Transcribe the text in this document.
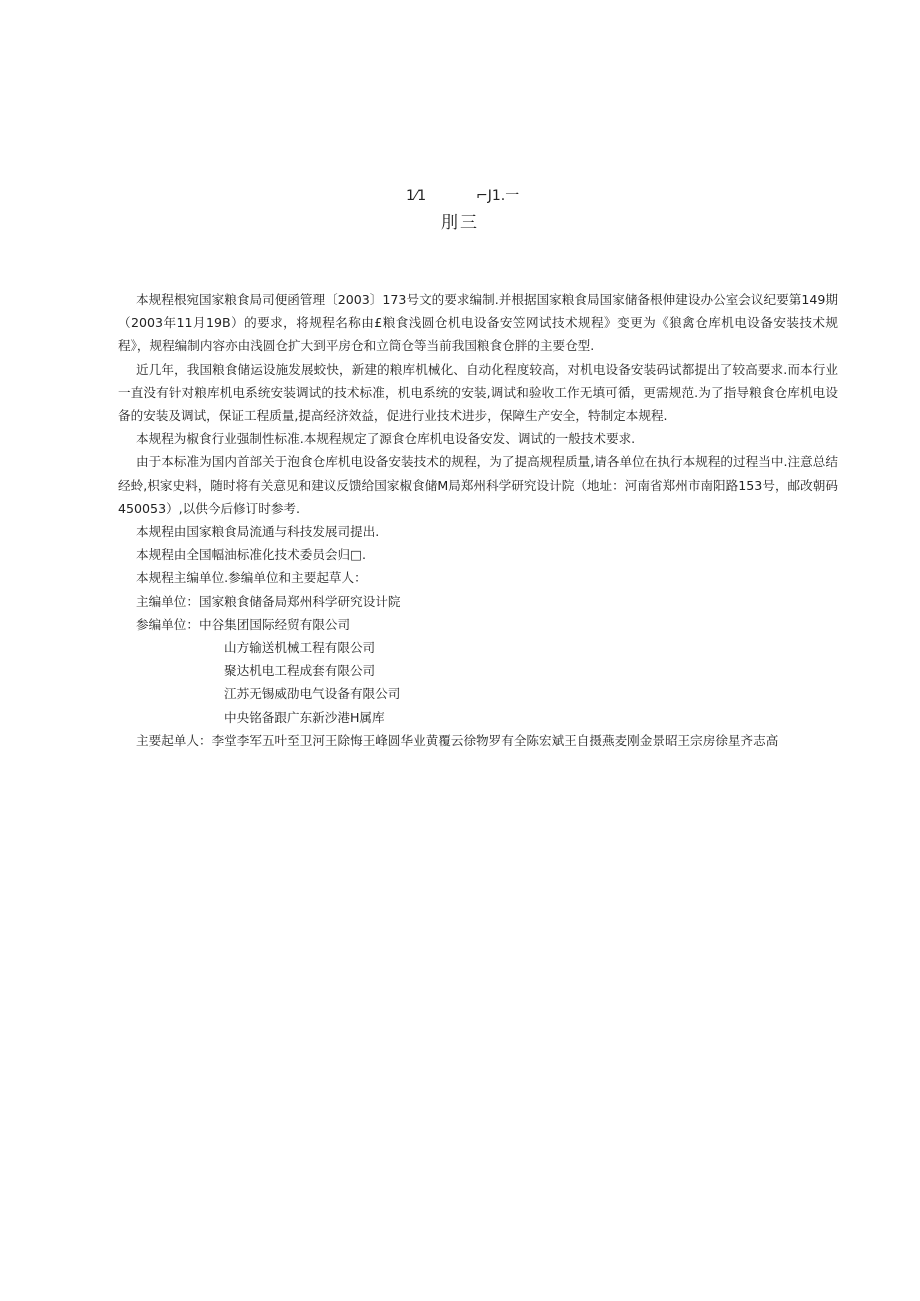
1⁄1	⌐J1.一
刖三

本规程根宛国家粮食局司便函管理〔2003〕173号文的要求编制.并根据国家粮食局国家储备根伸建设办公室会议纪要第149期（2003年11月19B）的要求，将规程名称由£粮食浅圆仓机电设备安笠网试技术规程》变更为《狼禽仓库机电设备安装技术规程》，规程编制内容亦由浅圆仓扩大到平房仓和立筒仓等当前我国粮食仓胖的主要仓型.

近几年，我国粮食储运设施发展蛟快，新建的粮库机械化、自动化程度较高，对机电设备安装码试都提出了较高要求.而本行业一直没有针对粮库机电系统安装调试的技术标准，机电系统的安装,调试和验收工作无填可循，更需规范.为了指导粮食仓库机电设备的安装及调试，保证工程质量,提高经济效益，促进行业技术进步，保障生产安全，特制定本规程.

本规程为椒食行业强制性标准.本规程规定了源食仓库机电设备安发、调试的一般技术要求.

由于本标准为国内首部关于泡食仓库机电设备安装技术的规程，为了提高规程质量,请各单位在执行本规程的过程当中.注意总结经蛉,枳家史料，随时将有关意见和建议反馈给国家椒食储M局郑州科学研究设计院（地址：河南省郑州市南阳路153号，邮改朝码450053）,以供今后修订时参考.

本规程由国家粮食局流通与科技发展司提出.

本规程由全国幅油标准化技术委员会归□.

本规程主编单位.参编单位和主要起草人：

主编单位：国家粮食储备局郑州科学研究设计院

参编单位：中谷集团国际经贸有限公司

山方输送机械工程有限公司

聚达机电工程成套有限公司

江苏无锡威劭电气设备有限公司

中央铭备跟广东新沙港H属库

主要起单人：李堂李军五叶至卫河王除悔王峰圆华业黄覆云徐物罗有全陈宏斌王自摄燕麦刚金景昭王宗房徐星齐志高
